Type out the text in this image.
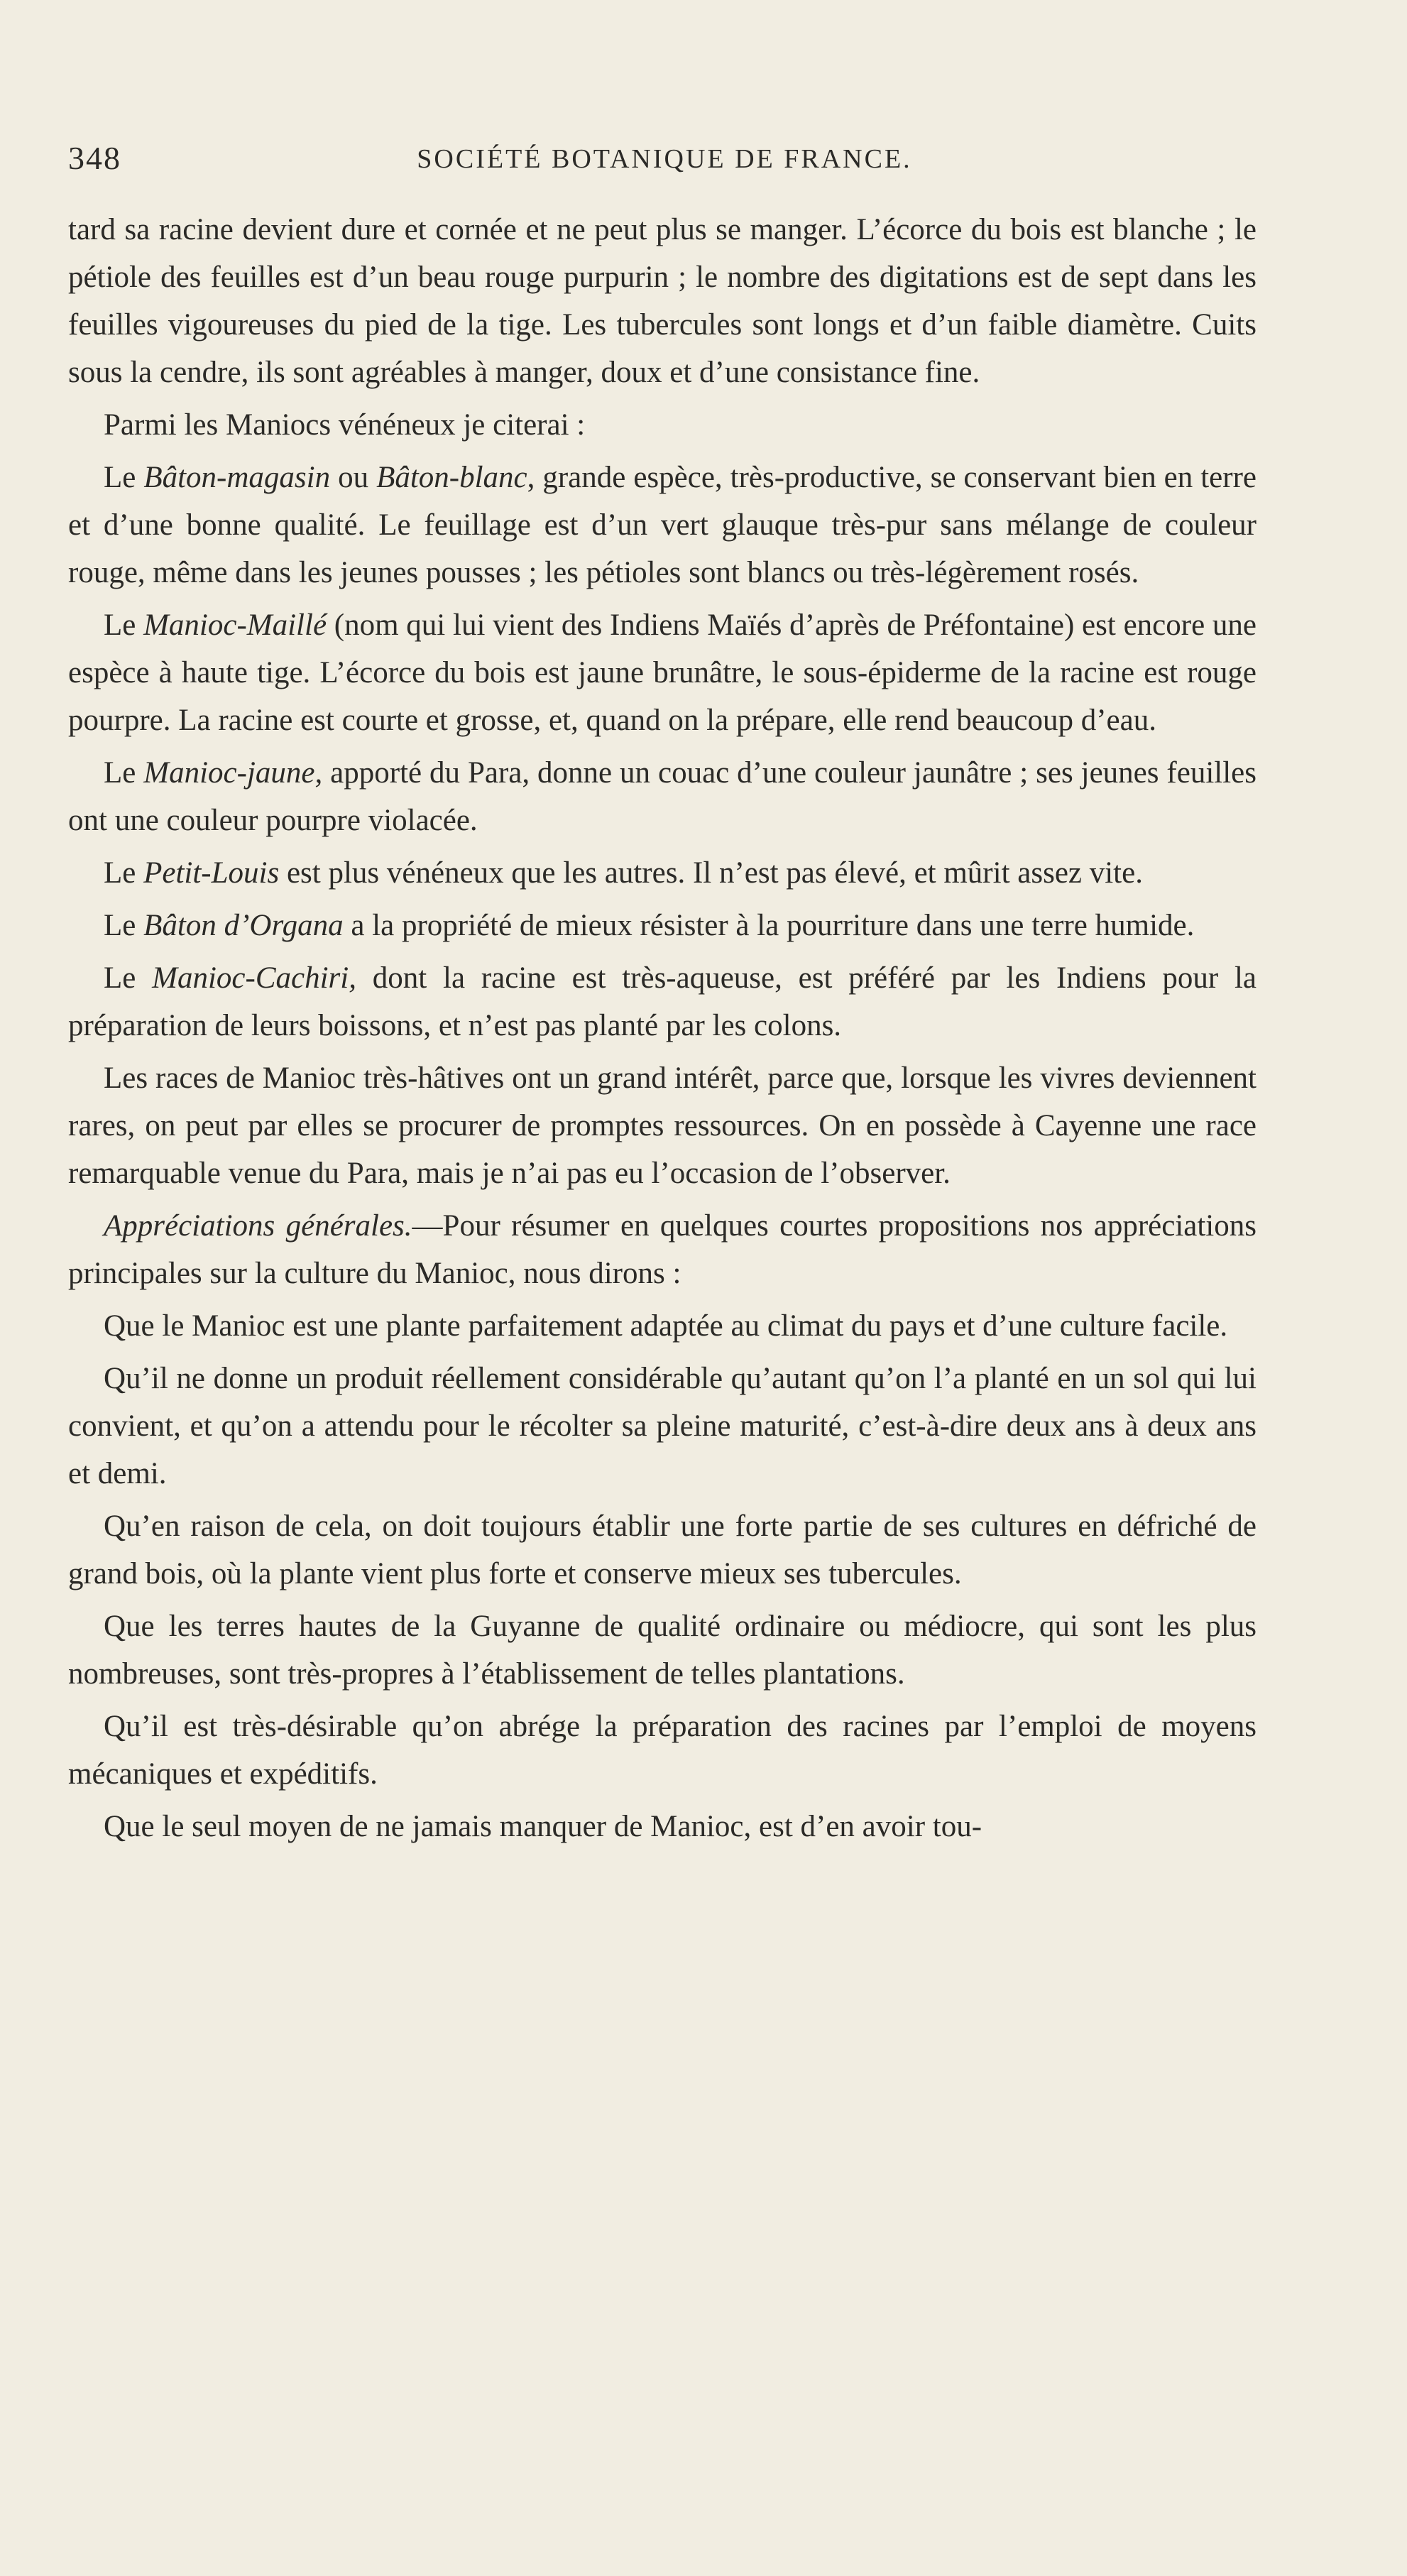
348	SOCIÉTÉ BOTANIQUE DE FRANCE.

tard sa racine devient dure et cornée et ne peut plus se manger. L’écorce du bois est blanche ; le pétiole des feuilles est d’un beau rouge purpurin ; le nombre des digitations est de sept dans les feuilles vigoureuses du pied de la tige. Les tubercules sont longs et d’un faible diamètre. Cuits sous la cendre, ils sont agréables à manger, doux et d’une consistance fine.

Parmi les Maniocs vénéneux je citerai :

Le Bâton-magasin ou Bâton-blanc, grande espèce, très-productive, se conservant bien en terre et d’une bonne qualité. Le feuillage est d’un vert glauque très-pur sans mélange de couleur rouge, même dans les jeunes pousses ; les pétioles sont blancs ou très-légèrement rosés.

Le Manioc-Maillé (nom qui lui vient des Indiens Maïés d’après de Préfontaine) est encore une espèce à haute tige. L’écorce du bois est jaune brunâtre, le sous-épiderme de la racine est rouge pourpre. La racine est courte et grosse, et, quand on la prépare, elle rend beaucoup d’eau.

Le Manioc-jaune, apporté du Para, donne un couac d’une couleur jaunâtre ; ses jeunes feuilles ont une couleur pourpre violacée.

Le Petit-Louis est plus vénéneux que les autres. Il n’est pas élevé, et mûrit assez vite.

Le Bâton d’Organa a la propriété de mieux résister à la pourriture dans une terre humide.

Le Manioc-Cachiri, dont la racine est très-aqueuse, est préféré par les Indiens pour la préparation de leurs boissons, et n’est pas planté par les colons.

Les races de Manioc très-hâtives ont un grand intérêt, parce que, lorsque les vivres deviennent rares, on peut par elles se procurer de promptes ressources. On en possède à Cayenne une race remarquable venue du Para, mais je n’ai pas eu l’occasion de l’observer.

Appréciations générales.—Pour résumer en quelques courtes propositions nos appréciations principales sur la culture du Manioc, nous dirons :

Que le Manioc est une plante parfaitement adaptée au climat du pays et d’une culture facile.

Qu’il ne donne un produit réellement considérable qu’autant qu’on l’a planté en un sol qui lui convient, et qu’on a attendu pour le récolter sa pleine maturité, c’est-à-dire deux ans à deux ans et demi.

Qu’en raison de cela, on doit toujours établir une forte partie de ses cultures en défriché de grand bois, où la plante vient plus forte et conserve mieux ses tubercules.

Que les terres hautes de la Guyanne de qualité ordinaire ou médiocre, qui sont les plus nombreuses, sont très-propres à l’établissement de telles plantations.

Qu’il est très-désirable qu’on abrége la préparation des racines par l’emploi de moyens mécaniques et expéditifs.

Que le seul moyen de ne jamais manquer de Manioc, est d’en avoir tou-
